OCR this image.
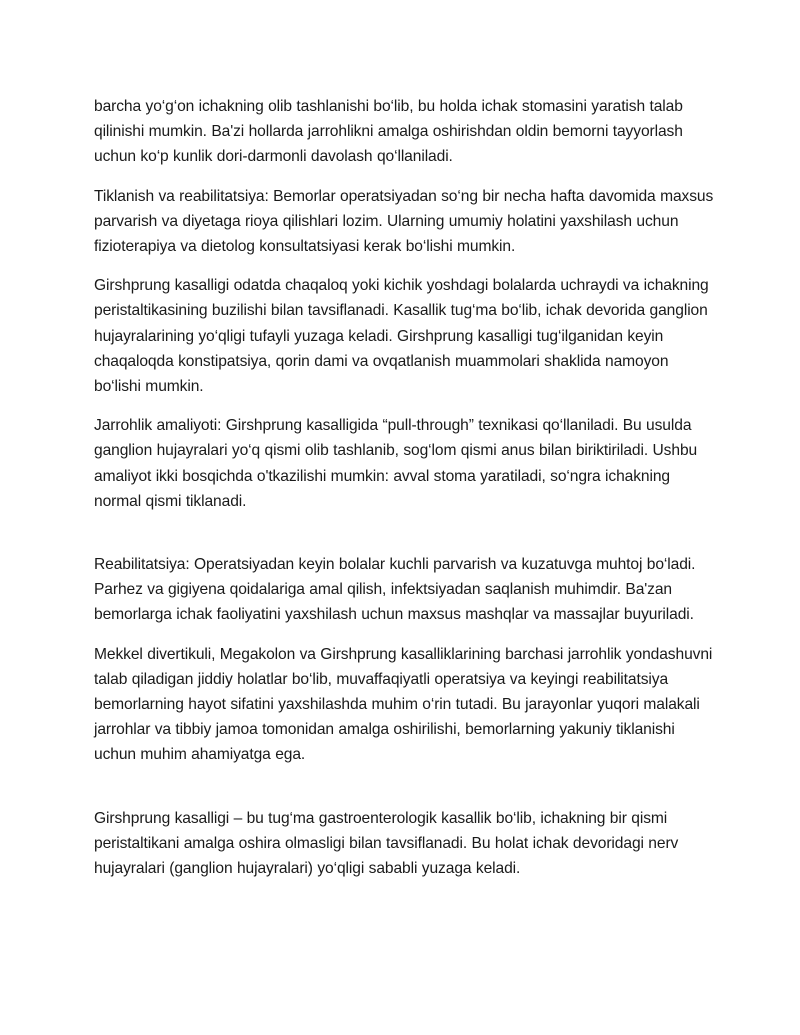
barcha yo‘g‘on ichakning olib tashlanishi bo‘lib, bu holda ichak stomasini yaratish talab qilinishi mumkin. Ba'zi hollarda jarrohlikni amalga oshirishdan oldin bemorni tayyorlash uchun ko‘p kunlik dori-darmonli davolash qo‘llaniladi.

Tiklanish va reabilitatsiya: Bemorlar operatsiyadan so‘ng bir necha hafta davomida maxsus parvarish va diyetaga rioya qilishlari lozim. Ularning umumiy holatini yaxshilash uchun fizioterapiya va dietolog konsultatsiyasi kerak bo‘lishi mumkin.

Girshprung kasalligi odatda chaqaloq yoki kichik yoshdagi bolalarda uchraydi va ichakning peristaltikasining buzilishi bilan tavsiflanadi. Kasallik tug‘ma bo‘lib, ichak devorida ganglion hujayralarining yo‘qligi tufayli yuzaga keladi. Girshprung kasalligi tug‘ilganidan keyin chaqaloqda konstipatsiya, qorin dami va ovqatlanish muammolari shaklida namoyon bo‘lishi mumkin.

Jarrohlik amaliyoti: Girshprung kasalligida “pull-through” texnikasi qo‘llaniladi. Bu usulda ganglion hujayralari yo‘q qismi olib tashlanib, sog‘lom qismi anus bilan biriktiriladi. Ushbu amaliyot ikki bosqichda o'tkazilishi mumkin: avval stoma yaratiladi, so‘ngra ichakning normal qismi tiklanadi.

Reabilitatsiya: Operatsiyadan keyin bolalar kuchli parvarish va kuzatuvga muhtoj bo‘ladi. Parhez va gigiyena qoidalariga amal qilish, infektsiyadan saqlanish muhimdir. Ba'zan bemorlarga ichak faoliyatini yaxshilash uchun maxsus mashqlar va massajlar buyuriladi.

Mekkel divertikuli, Megakolon va Girshprung kasalliklarining barchasi jarrohlik yondashuvni talab qiladigan jiddiy holatlar bo‘lib, muvaffaqiyatli operatsiya va keyingi reabilitatsiya bemorlarning hayot sifatini yaxshilashda muhim o‘rin tutadi. Bu jarayonlar yuqori malakali jarrohlar va tibbiy jamoa tomonidan amalga oshirilishi, bemorlarning yakuniy tiklanishi uchun muhim ahamiyatga ega.

Girshprung kasalligi – bu tug‘ma gastroenterologik kasallik bo‘lib, ichakning bir qismi peristaltikani amalga oshira olmasligi bilan tavsiflanadi. Bu holat ichak devoridagi nerv hujayralari (ganglion hujayralari) yo‘qligi sababli yuzaga keladi.
